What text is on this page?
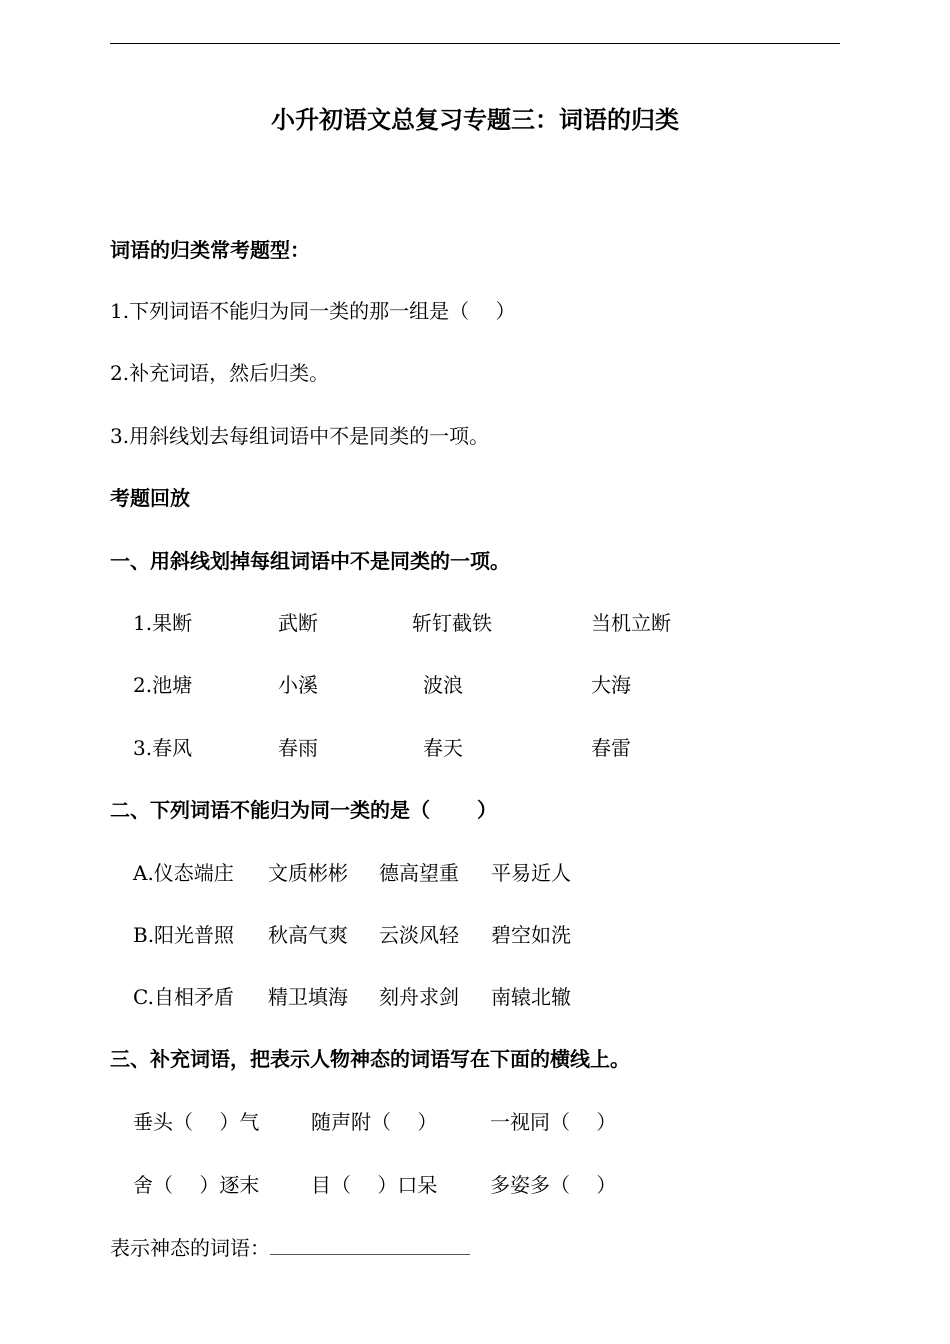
小升初语文总复习专题三：词语的归类
词语的归类常考题型：
1.下列词语不能归为同一类的那一组是（　 ）
2.补充词语，然后归类。
3.用斜线划去每组词语中不是同类的一项。
考题回放
一、用斜线划掉每组词语中不是同类的一项。
1.果断	武断	斩钉截铁	当机立断
2.池塘	小溪	波浪	大海
3.春风	春雨	春天	春雷
二、下列词语不能归为同一类的是（　　 ）
A.仪态端庄 文质彬彬 德高望重 平易近人
B.阳光普照 秋高气爽 云淡风轻 碧空如洗
C.自相矛盾 精卫填海 刻舟求剑 南辕北辙
三、补充词语，把表示人物神态的词语写在下面的横线上。
垂头（　 ）气	随声附（　 ）	一视同（　 ）
舍（　 ）逐末	目（　 ）口呆	多姿多（　 ）
表示神态的词语：
